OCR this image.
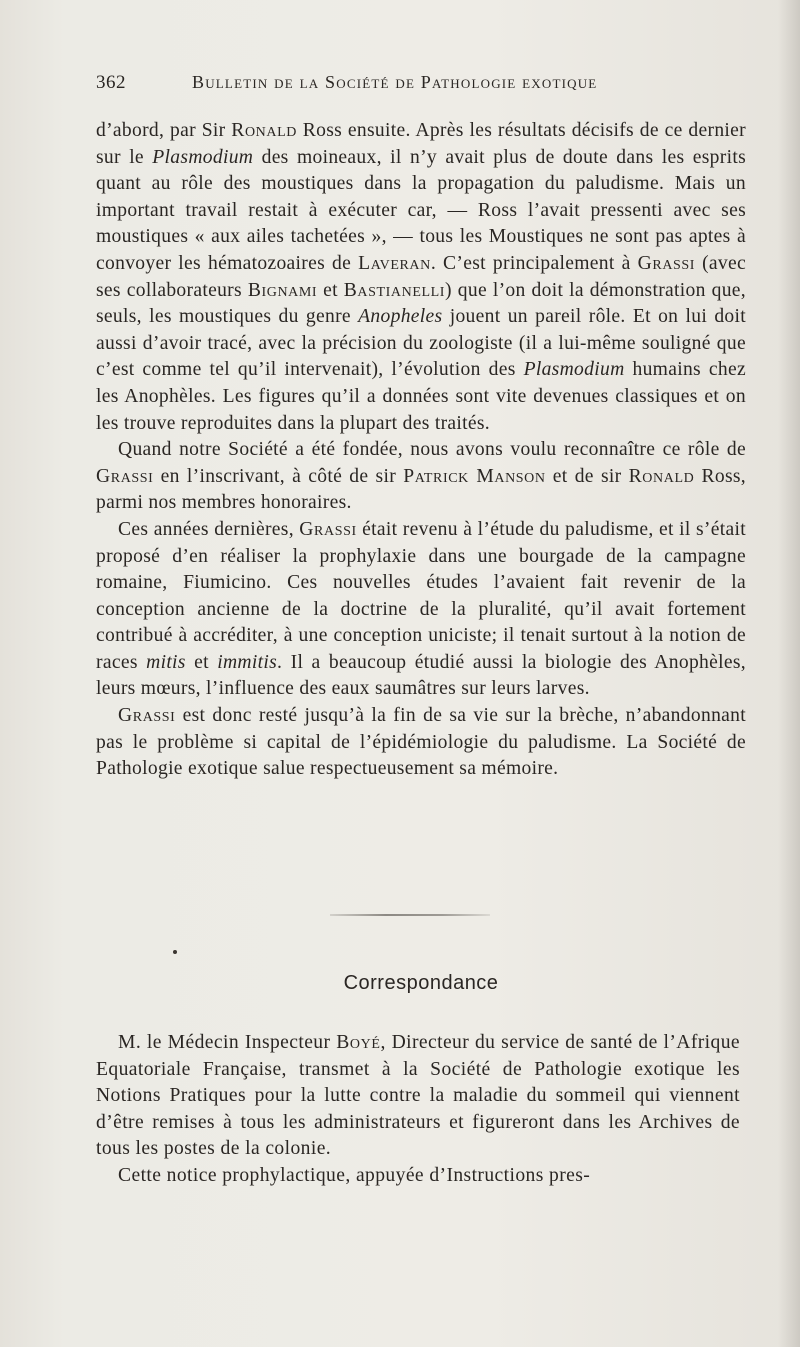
362	Bulletin de la Société de Pathologie exotique

d’abord, par Sir Ronald Ross ensuite. Après les résultats décisifs de ce dernier sur le Plasmodium des moineaux, il n’y avait plus de doute dans les esprits quant au rôle des moustiques dans la propagation du paludisme. Mais un important travail restait à exécuter car, — Ross l’avait pressenti avec ses moustiques « aux ailes tachetées », — tous les Moustiques ne sont pas aptes à convoyer les hématozoaires de Laveran. C’est principalement à Grassi (avec ses collaborateurs Bignami et Bastianelli) que l’on doit la démonstration que, seuls, les moustiques du genre Anopheles jouent un pareil rôle. Et on lui doit aussi d’avoir tracé, avec la précision du zoologiste (il a lui-même souligné que c’est comme tel qu’il intervenait), l’évolution des Plasmodium humains chez les Anophèles. Les figures qu’il a données sont vite devenues classiques et on les trouve reproduites dans la plupart des traités.

Quand notre Société a été fondée, nous avons voulu reconnaître ce rôle de Grassi en l’inscrivant, à côté de sir Patrick Manson et de sir Ronald Ross, parmi nos membres honoraires.

Ces années dernières, Grassi était revenu à l’étude du paludisme, et il s’était proposé d’en réaliser la prophylaxie dans une bourgade de la campagne romaine, Fiumicino. Ces nouvelles études l’avaient fait revenir de la conception ancienne de la doctrine de la pluralité, qu’il avait fortement contribué à accréditer, à une conception uniciste; il tenait surtout à la notion de races mitis et immitis. Il a beaucoup étudié aussi la biologie des Anophèles, leurs mœurs, l’influence des eaux saumâtres sur leurs larves.

Grassi est donc resté jusqu’à la fin de sa vie sur la brèche, n’abandonnant pas le problème si capital de l’épidémiologie du paludisme. La Société de Pathologie exotique salue respectueusement sa mémoire.

Correspondance

M. le Médecin Inspecteur Boyé, Directeur du service de santé de l’Afrique Equatoriale Française, transmet à la Société de Pathologie exotique les Notions Pratiques pour la lutte contre la maladie du sommeil qui viennent d’être remises à tous les administrateurs et figureront dans les Archives de tous les postes de la colonie.

Cette notice prophylactique, appuyée d’Instructions pres-
